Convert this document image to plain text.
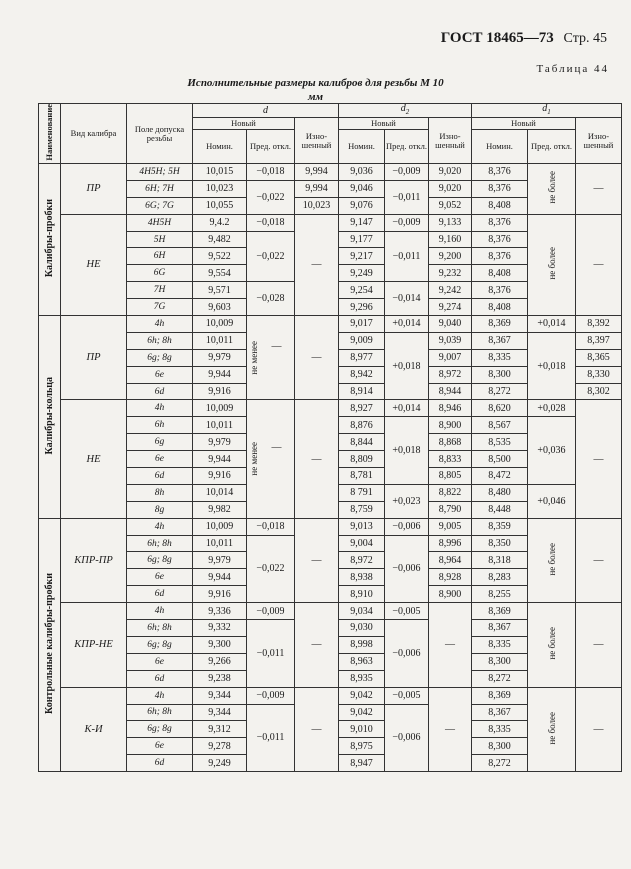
ГОСТ 18465—73 Стр. 45
Таблица 44
Исполнительные размеры калибров для резьбы М 10
мм
Наименование	Вид калибра	Поле допуска резьбы	d			$d_2$			$d_1$
			Новый		Изно-шенный	Новый		Изно-шенный	Новый		Изно-шенный
			Номин.	Пред. откл.		Номин.	Пред. откл.		Номин.	Пред. откл.	
Калибры-пробки	ПР	4H5H; 5H	10,015	−0,018	9,994	9,036	−0,009	9,020	8,376	не более	—
		6H; 7H	10,023	−0,022	9,994	9,046	−0,011	9,020	8,376		
		6G; 7G	10,055		10,023	9,076		9,052	8,408		
	НЕ	4H5H	9,4.2	−0,018	—	9,147	−0,009	9,133	8,376	не более	—
		5H	9,482	−0,022		9,177	−0,011	9,160	8,376		
		6H	9,522			9,217		9,200	8,376		
		6G	9,554			9,249		9,232	8,408		
		7H	9,571	−0,028		9,254	−0,014	9,242	8,376		
		7G	9,603			9,296		9,274	8,408		
Калибры-кольца	ПР	4h	10,009	не менее —	—	9,017	+0,014	9,040	8,369	+0,014	8,392
		6h; 8h	10,011			9,009	+0,018	9,039	8,367	+0,018	8,397
		6g; 8g	9,979			8,977		9,007	8,335		8,365
		6e	9,944			8,942		8,972	8,300		8,330
		6d	9,916			8,914		8,944	8,272		8,302
	НЕ	4h	10,009	не менее —	—	8,927	+0,014	8,946	8,620	+0,028	—
		6h	10,011			8,876	+0,018	8,900	8,567	+0,036	
		6g	9,979			8,844		8,868	8,535		
		6e	9,944			8,809		8,833	8,500		
		6d	9,916			8,781		8,805	8,472		
		8h	10,014			8 791	+0,023	8,822	8,480	+0,046	
		8g	9,982			8,759		8,790	8,448		
Контрольные калибры-пробки	КПР-ПР	4h	10,009	−0,018	—	9,013	−0,006	9,005	8,359	не более	—
		6h; 8h	10,011	−0,022		9,004	−0,006	8,996	8,350		
		6g; 8g	9,979			8,972		8,964	8,318		
		6e	9,944			8,938		8,928	8,283		
		6d	9,916			8,910		8,900	8,255		
	КПР-НЕ	4h	9,336	−0,009	—	9,034	−0,005	—	8,369	не более	—
		6h; 8h	9,332	−0,011		9,030	−0,006		8,367		
		6g; 8g	9,300			8,998			8,335		
		6e	9,266			8,963			8,300		
		6d	9,238			8,935			8,272		
	К-И	4h	9,344	−0,009	—	9,042	−0,005	—	8,369	не более	—
		6h; 8h	9,344	−0,011		9,042	−0,006		8,367		
		6g; 8g	9,312			9,010			8,335		
		6e	9,278			8,975			8,300		
		6d	9,249			8,947			8,272		
